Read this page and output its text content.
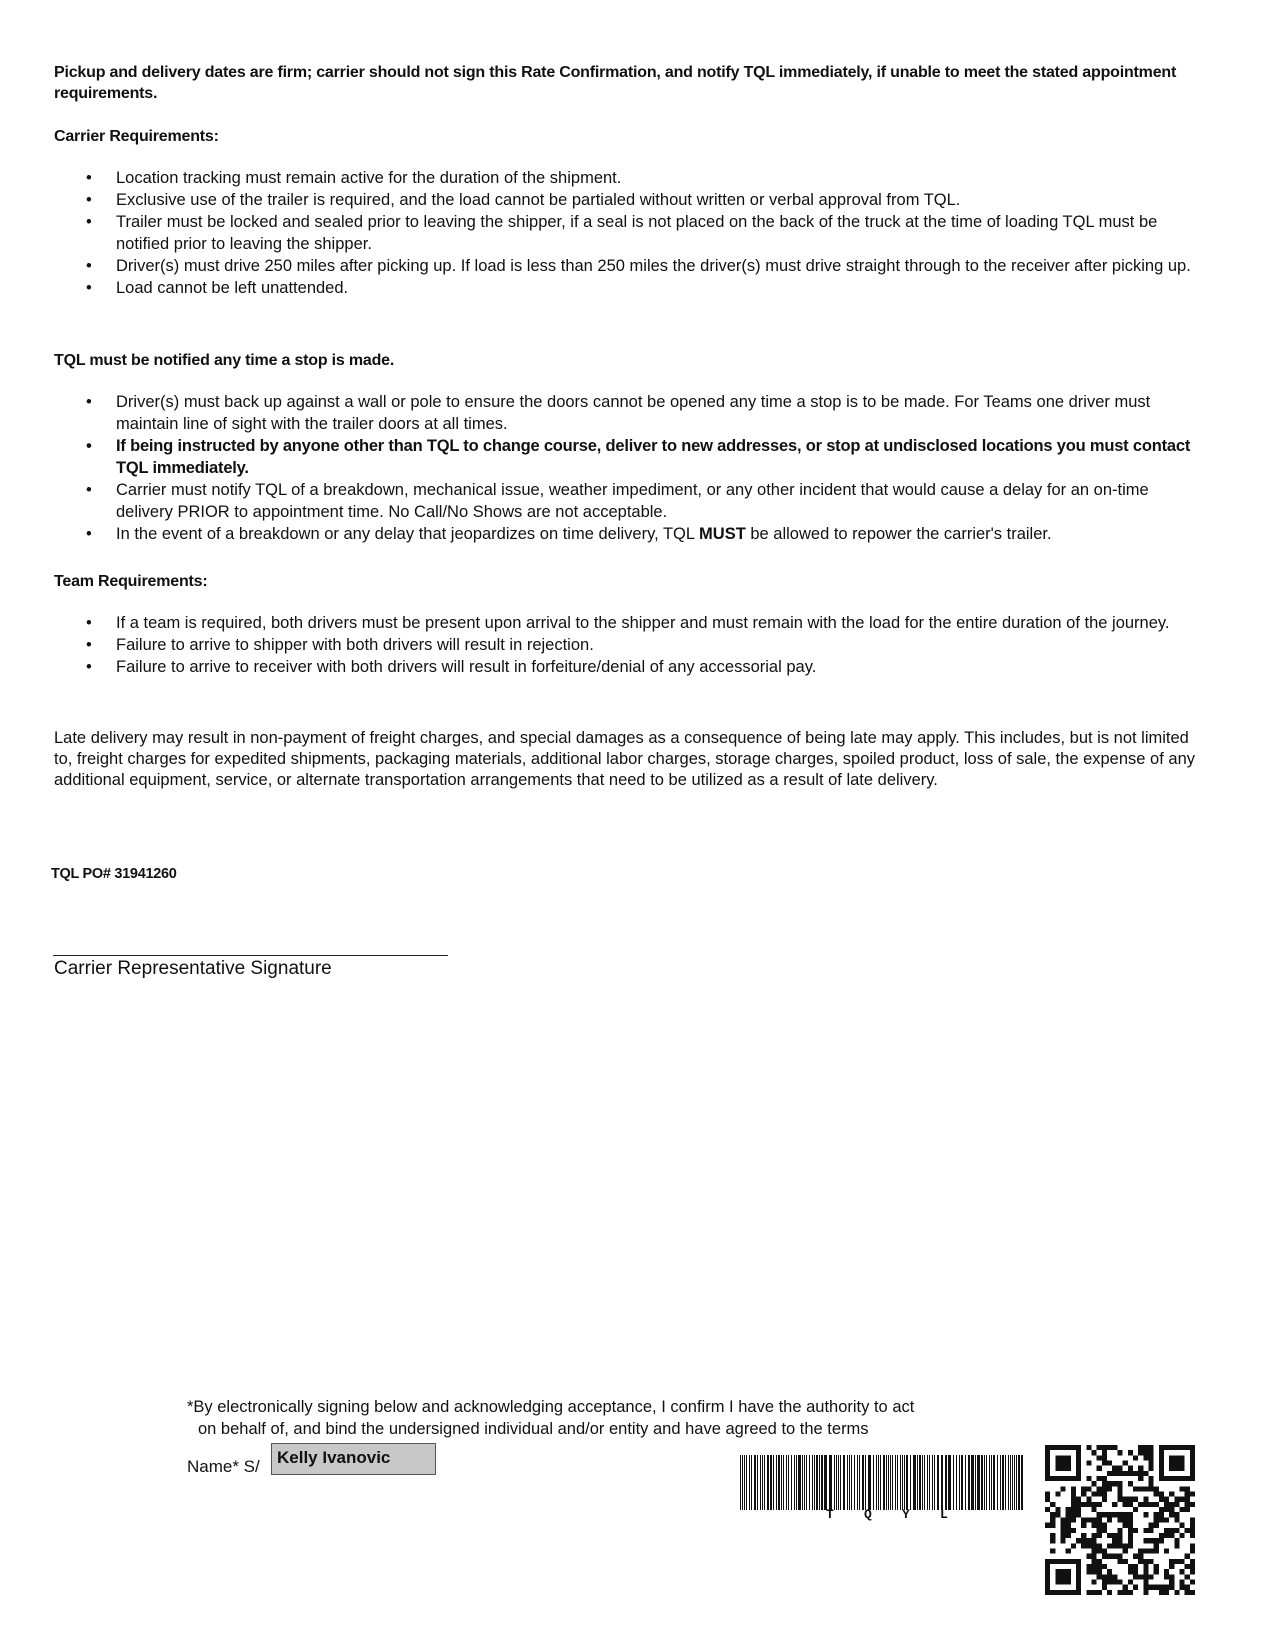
Pickup and delivery dates are firm; carrier should not sign this Rate Confirmation, and notify TQL immediately, if unable to meet the stated appointment requirements.

Carrier Requirements:

• Location tracking must remain active for the duration of the shipment.
• Exclusive use of the trailer is required, and the load cannot be partialed without written or verbal approval from TQL.
• Trailer must be locked and sealed prior to leaving the shipper, if a seal is not placed on the back of the truck at the time of loading TQL must be notified prior to leaving the shipper.
• Driver(s) must drive 250 miles after picking up. If load is less than 250 miles the driver(s) must drive straight through to the receiver after picking up.
• Load cannot be left unattended.

TQL must be notified any time a stop is made.

• Driver(s) must back up against a wall or pole to ensure the doors cannot be opened any time a stop is to be made. For Teams one driver must maintain line of sight with the trailer doors at all times.
• If being instructed by anyone other than TQL to change course, deliver to new addresses, or stop at undisclosed locations you must contact TQL immediately.
• Carrier must notify TQL of a breakdown, mechanical issue, weather impediment, or any other incident that would cause a delay for an on-time delivery PRIOR to appointment time. No Call/No Shows are not acceptable.
• In the event of a breakdown or any delay that jeopardizes on time delivery, TQL MUST be allowed to repower the carrier's trailer.

Team Requirements:

• If a team is required, both drivers must be present upon arrival to the shipper and must remain with the load for the entire duration of the journey.
• Failure to arrive to shipper with both drivers will result in rejection.
• Failure to arrive to receiver with both drivers will result in forfeiture/denial of any accessorial pay.

Late delivery may result in non-payment of freight charges, and special damages as a consequence of being late may apply. This includes, but is not limited to, freight charges for expedited shipments, packaging materials, additional labor charges, storage charges, spoiled product, loss of sale, the expense of any additional equipment, service, or alternate transportation arrangements that need to be utilized as a result of late delivery.

TQL PO# 31941260
Carrier Representative Signature
*By electronically signing below and acknowledging acceptance, I confirm I have the authority to act
on behalf of, and bind the undersigned individual and/or entity and have agreed to the terms
Name* S/	Kelly Ivanovic
T Q Y L
